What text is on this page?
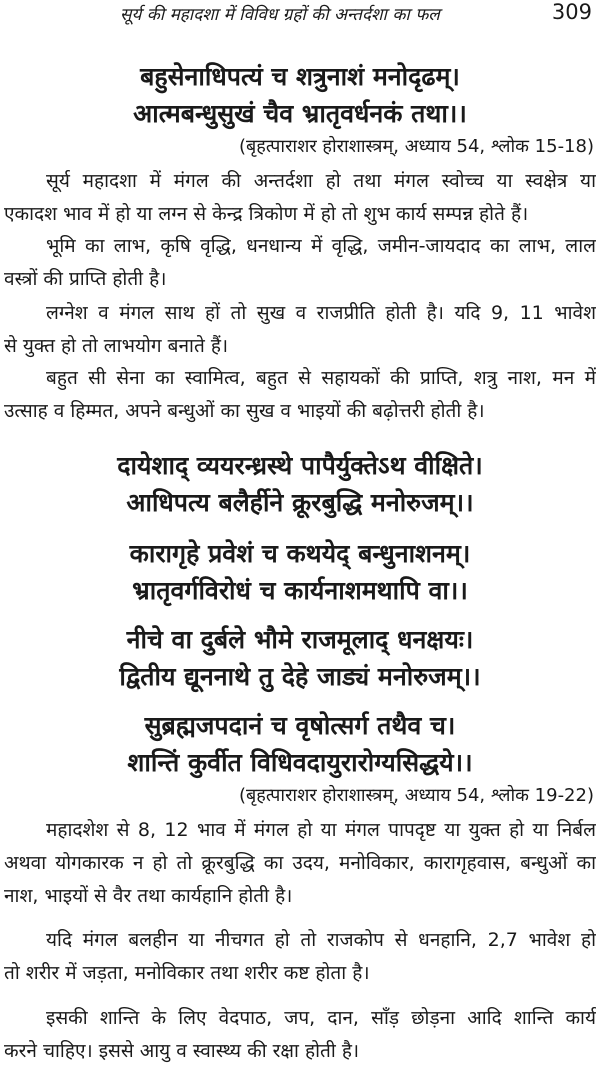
सूर्य की महादशा में विविध ग्रहों की अन्तर्दशा का फल	309
बहुसेनाधिपत्यं च शत्रुनाशं मनोदृढम्।
आत्मबन्धुसुखं चैव भ्रातृवर्धनकं तथा।।
(बृहत्पाराशर होराशास्त्रम्, अध्याय 54, श्लोक 15-18)
सूर्य महादशा में मंगल की अन्तर्दशा हो तथा मंगल स्वोच्च या स्वक्षेत्र या
एकादश भाव में हो या लग्न से केन्द्र त्रिकोण में हो तो शुभ कार्य सम्पन्न होते हैं।
भूमि का लाभ, कृषि वृद्धि, धनधान्य में वृद्धि, जमीन-जायदाद का लाभ, लाल
वस्त्रों की प्राप्ति होती है।
लग्नेश व मंगल साथ हों तो सुख व राजप्रीति होती है। यदि 9, 11 भावेश
से युक्त हो तो लाभयोग बनाते हैं।
बहुत सी सेना का स्वामित्व, बहुत से सहायकों की प्राप्ति, शत्रु नाश, मन में
उत्साह व हिम्मत, अपने बन्धुओं का सुख व भाइयों की बढ़ोत्तरी होती है।
दायेशाद् व्ययरन्ध्रस्थे पापैर्युक्तेऽथ वीक्षिते।
आधिपत्य बलैर्हीने क्रूरबुद्धि मनोरुजम्।।
कारागृहे प्रवेशं च कथयेद् बन्धुनाशनम्।
भ्रातृवर्गविरोधं च कार्यनाशमथापि वा।।
नीचे वा दुर्बले भौमे राजमूलाद् धनक्षयः।
द्वितीय द्यूननाथे तु देहे जाड्यं मनोरुजम्।।
सुब्रह्मजपदानं च वृषोत्सर्ग तथैव च।
शान्तिं कुर्वीत विधिवदायुरारोग्यसिद्धये।।
(बृहत्पाराशर होराशास्त्रम्, अध्याय 54, श्लोक 19-22)
महादशेश से 8, 12 भाव में मंगल हो या मंगल पापदृष्ट या युक्त हो या निर्बल
अथवा योगकारक न हो तो क्रूरबुद्धि का उदय, मनोविकार, कारागृहवास, बन्धुओं का
नाश, भाइयों से वैर तथा कार्यहानि होती है।
यदि मंगल बलहीन या नीचगत हो तो राजकोप से धनहानि, 2,7 भावेश हो
तो शरीर में जड़ता, मनोविकार तथा शरीर कष्ट होता है।
इसकी शान्ति के लिए वेदपाठ, जप, दान, साँड़ छोड़ना आदि शान्ति कार्य
करने चाहिए। इससे आयु व स्वास्थ्य की रक्षा होती है।
